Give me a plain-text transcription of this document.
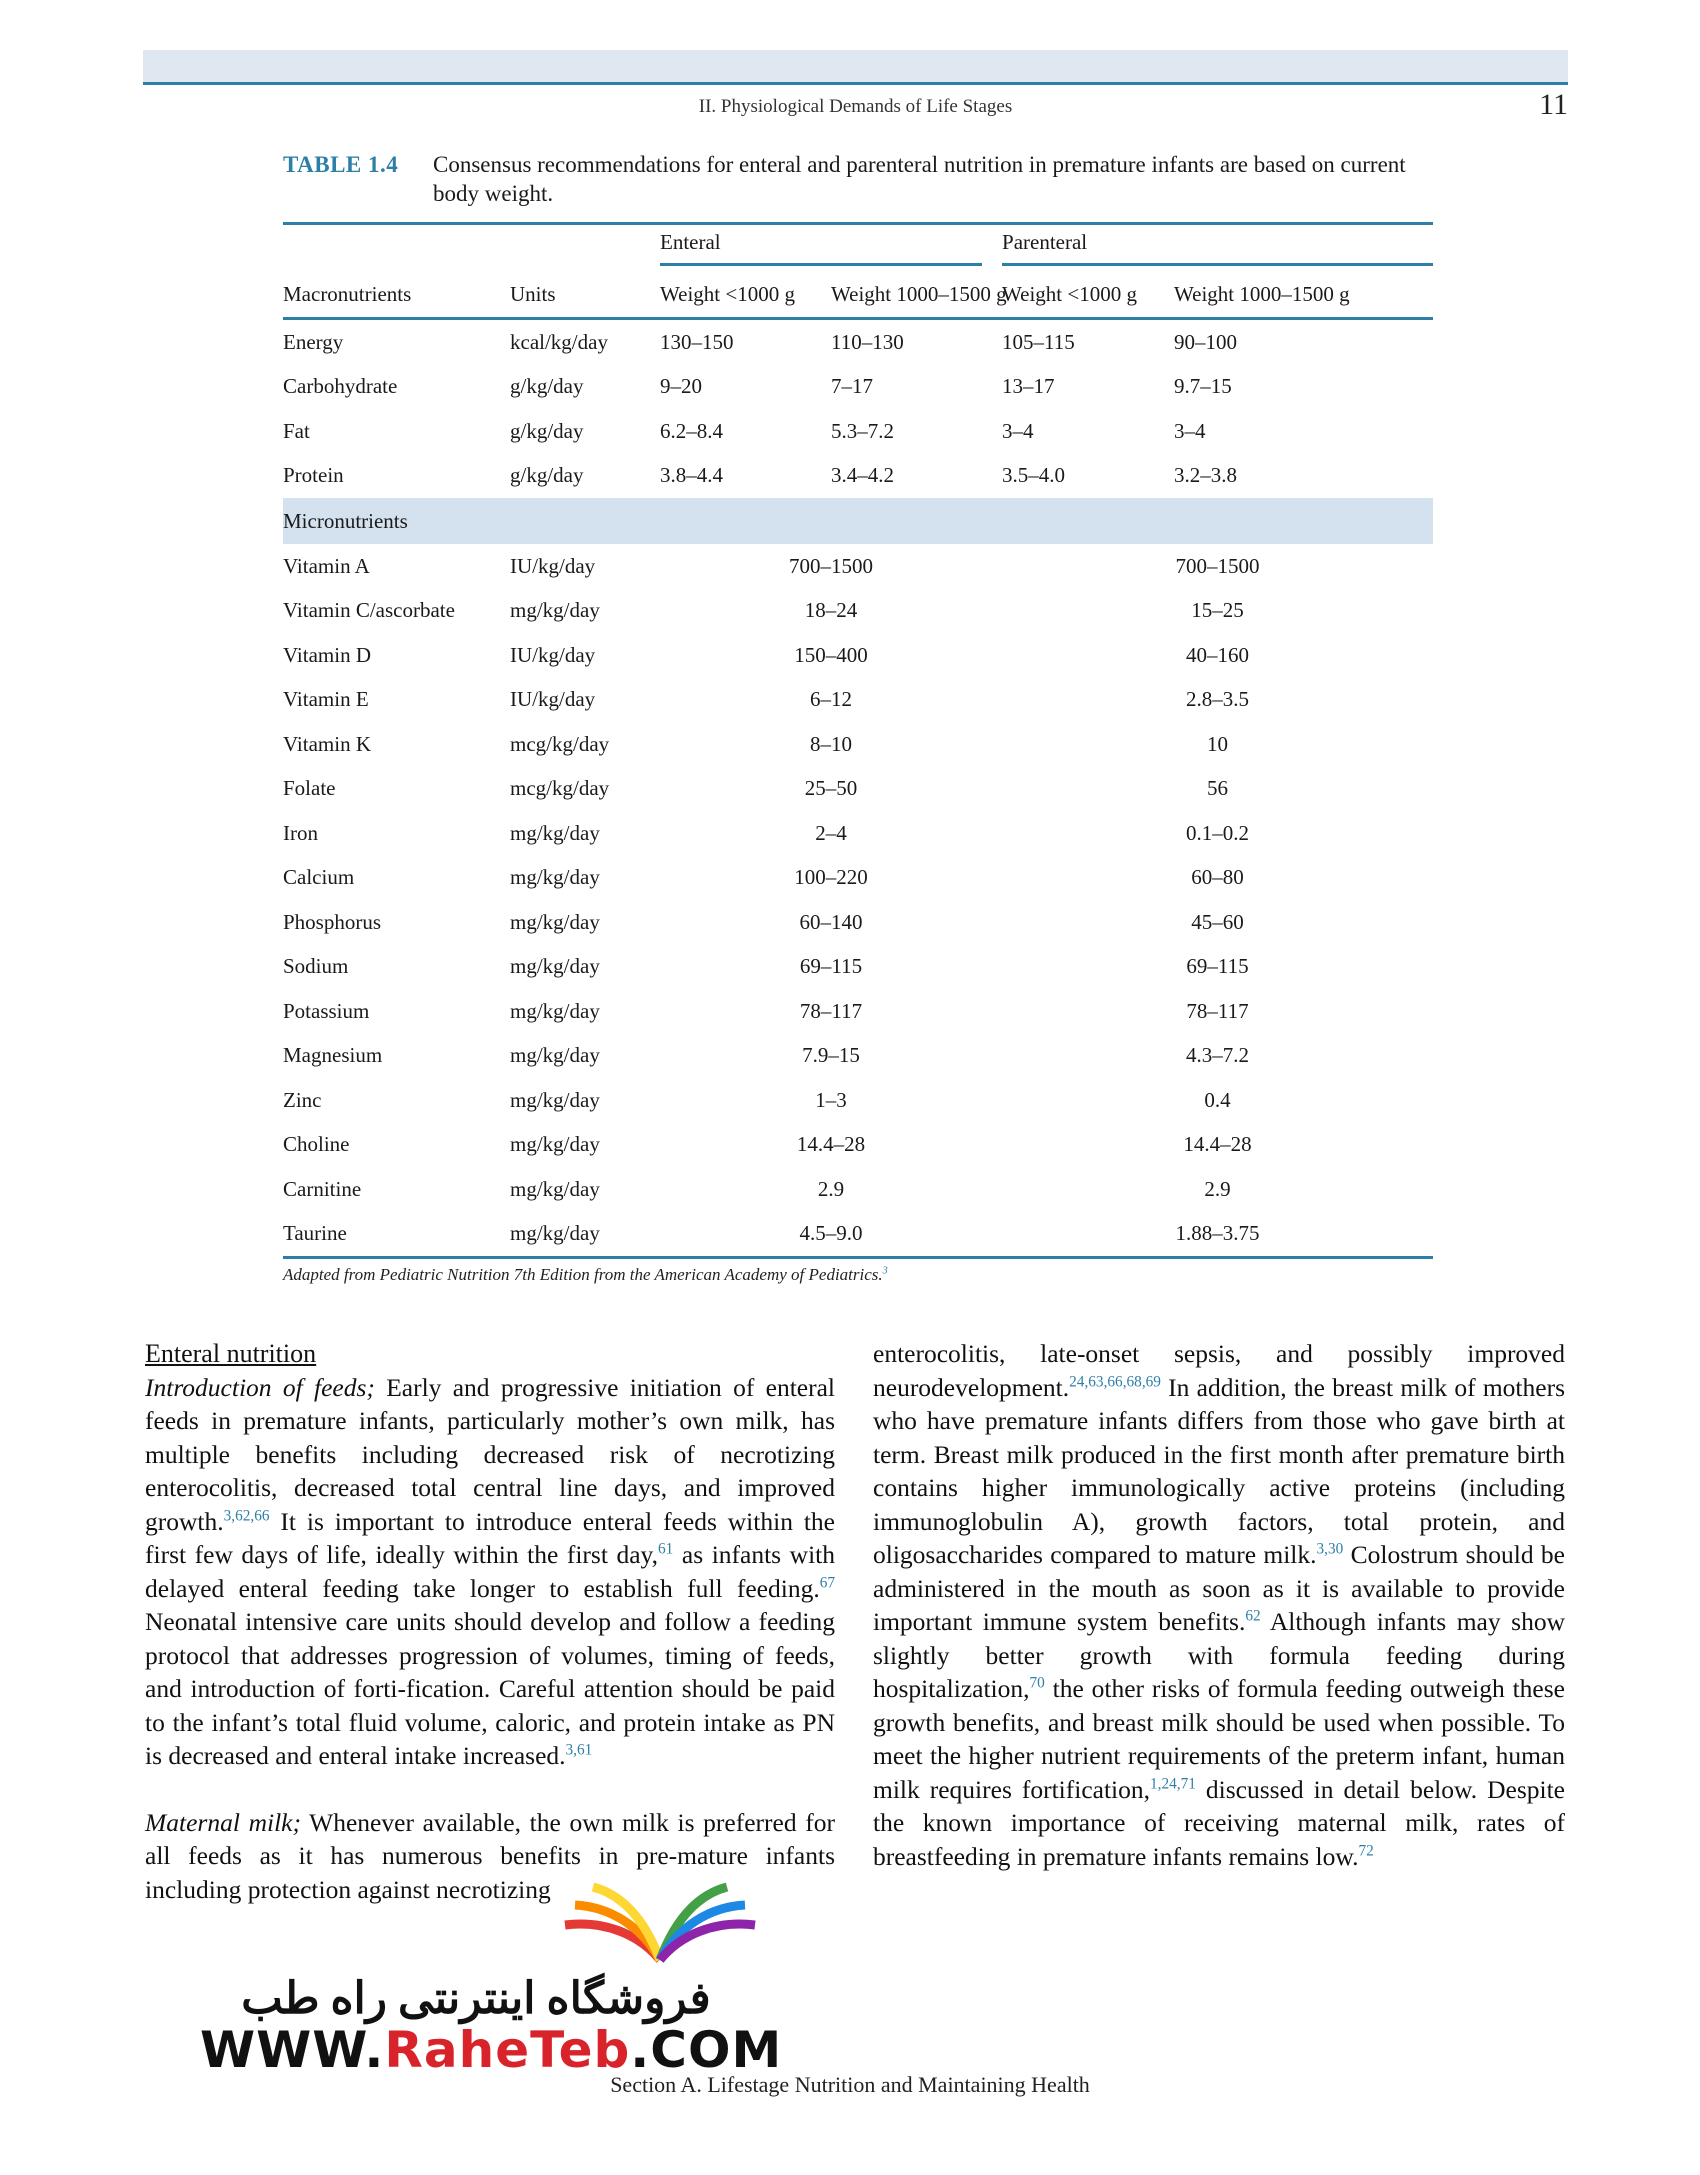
II. Physiological Demands of Life Stages	11
TABLE 1.4	Consensus recommendations for enteral and parenteral nutrition in premature infants are based on current body weight.

		Enteral		Parenteral	

Macronutrients	Units	Weight <1000 g	Weight 1000–1500 g	Weight <1000 g	Weight 1000–1500 g
Energy	kcal/kg/day	130–150	110–130	105–115	90–100
Carbohydrate	g/kg/day	9–20	7–17	13–17	9.7–15
Fat	g/kg/day	6.2–8.4	5.3–7.2	3–4	3–4
Protein	g/kg/day	3.8–4.4	3.4–4.2	3.5–4.0	3.2–3.8
Micronutrients					
Vitamin A	IU/kg/day	700–1500		700–1500	
Vitamin C/ascorbate	mg/kg/day	18–24		15–25	
Vitamin D	IU/kg/day	150–400		40–160	
Vitamin E	IU/kg/day	6–12		2.8–3.5	
Vitamin K	mcg/kg/day	8–10		10	
Folate	mcg/kg/day	25–50		56	
Iron	mg/kg/day	2–4		0.1–0.2	
Calcium	mg/kg/day	100–220		60–80	
Phosphorus	mg/kg/day	60–140		45–60	
Sodium	mg/kg/day	69–115		69–115	
Potassium	mg/kg/day	78–117		78–117	
Magnesium	mg/kg/day	7.9–15		4.3–7.2	
Zinc	mg/kg/day	1–3		0.4	
Choline	mg/kg/day	14.4–28		14.4–28	
Carnitine	mg/kg/day	2.9		2.9	
Taurine	mg/kg/day	4.5–9.0		1.88–3.75	
Adapted from Pediatric Nutrition 7th Edition from the American Academy of Pediatrics.$^3$

Enteral nutrition

Introduction of feeds; Early and progressive initiation of enteral feeds in premature infants, particularly mother’s own milk, has multiple benefits including decreased risk of necrotizing enterocolitis, decreased total central line days, and improved growth.$^{3,62,66}$ It is important to introduce enteral feeds within the first few days of life, ideally within the first day,$^{61}$ as infants with delayed enteral feeding take longer to establish full feeding.$^{67}$ Neonatal intensive care units should develop and follow a feeding protocol that addresses progression of volumes, timing of feeds, and introduction of forti-fication. Careful attention should be paid to the infant’s total fluid volume, caloric, and protein intake as PN is decreased and enteral intake increased.$^{3,61}$

Maternal milk; Whenever available, the own milk is preferred for all feeds as it has numerous benefits in pre-mature infants including protection against necrotizing

enterocolitis, late-onset sepsis, and possibly improved neurodevelopment.$^{24,63,66,68,69}$ In addition, the breast milk of mothers who have premature infants differs from those who gave birth at term. Breast milk produced in the first month after premature birth contains higher immunologically active proteins (including immunoglobulin A), growth factors, total protein, and oligosaccharides compared to mature milk.$^{3,30}$ Colostrum should be administered in the mouth as soon as it is available to provide important immune system benefits.$^{62}$ Although infants may show slightly better growth with formula feeding during hospitalization,$^{70}$ the other risks of formula feeding outweigh these growth benefits, and breast milk should be used when possible. To meet the higher nutrient requirements of the preterm infant, human milk requires fortification,$^{1,24,71}$ discussed in detail below. Despite the known importance of receiving maternal milk, rates of breastfeeding in premature infants remains low.$^{72}$

Section A. Lifestage Nutrition and Maintaining Health
فروشگاه اینترنتی راه طب
WWW.RaheTeb.COM
